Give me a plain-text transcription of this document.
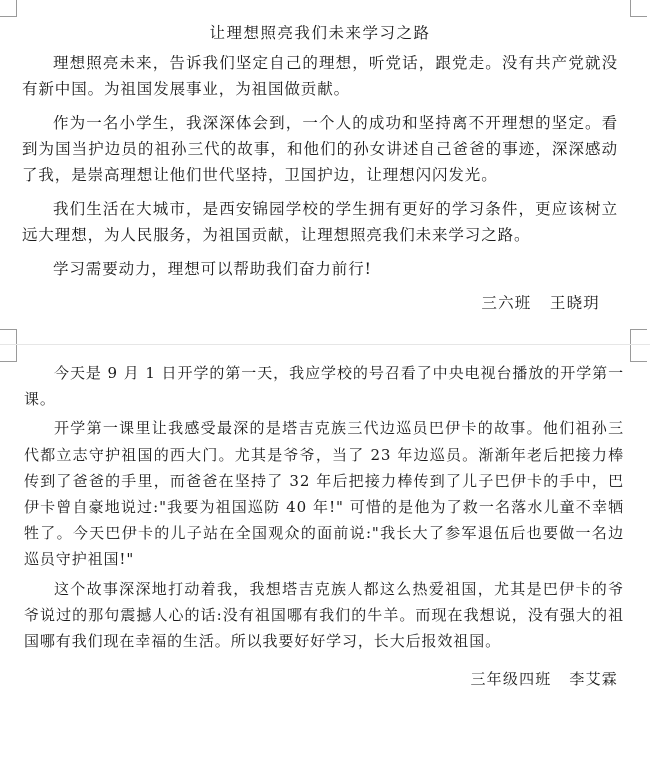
让理想照亮我们未来学习之路

理想照亮未来，告诉我们坚定自己的理想，听党话，跟党走。没有共产党就没有新中国。为祖国发展事业，为祖国做贡献。

作为一名小学生，我深深体会到，一个人的成功和坚持离不开理想的坚定。看到为国当护边员的祖孙三代的故事，和他们的孙女讲述自己爸爸的事迹，深深感动了我，是崇高理想让他们世代坚持，卫国护边，让理想闪闪发光。

我们生活在大城市，是西安锦园学校的学生拥有更好的学习条件，更应该树立远大理想，为人民服务，为祖国贡献，让理想照亮我们未来学习之路。

学习需要动力，理想可以帮助我们奋力前行!

三六班   王晓玥

今天是 9 月 1 日开学的第一天，我应学校的号召看了中央电视台播放的开学第一课。

开学第一课里让我感受最深的是塔吉克族三代边巡员巴伊卡的故事。他们祖孙三代都立志守护祖国的西大门。尤其是爷爷，当了 23 年边巡员。渐渐年老后把接力棒传到了爸爸的手里，而爸爸在坚持了 32 年后把接力棒传到了儿子巴伊卡的手中，巴伊卡曾自豪地说过:"我要为祖国巡防 40 年!" 可惜的是他为了救一名落水儿童不幸牺牲了。今天巴伊卡的儿子站在全国观众的面前说:"我长大了参军退伍后也要做一名边巡员守护祖国!"

这个故事深深地打动着我，我想塔吉克族人都这么热爱祖国，尤其是巴伊卡的爷爷说过的那句震撼人心的话:没有祖国哪有我们的牛羊。而现在我想说，没有强大的祖国哪有我们现在幸福的生活。所以我要好好学习，长大后报效祖国。

三年级四班   李艾霖
